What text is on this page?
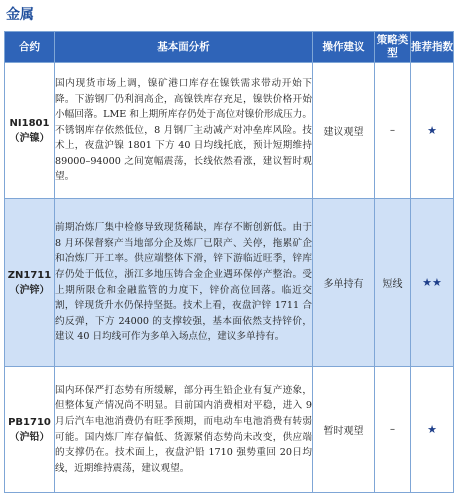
金属
合约	基本面分析	操作建议	策略类型	推荐指数

NI1801
（沪镍）	国内现货市场上调，镍矿港口库存在镍铁需求带动开始下降。下游钢厂仍利润高企，高镍铁库存充足，镍铁价格开始小幅回落。LME 和上期所库存仍处于高位对镍价形成压力。不锈钢库存依然低位，8 月钢厂主动减产对冲垒库风险。技术上，夜盘沪镍 1801 下方 40 日均线托底，预计短期维持89000–94000 之间宽幅震荡，长线依然看涨，建议暂时观望。	建议观望	–	★

ZN1711
（沪锌）	前期冶炼厂集中检修导致现货稀缺，库存不断创新低。由于 8 月环保督察产当地部分企及炼厂已限产、关停，拖累矿企和冶炼厂开工率。供应端整体下滑，锌下游临近旺季，锌库存仍处于低位，浙江多地压铸合金企业遇环保停产整治。受上期所限仓和金融监管的力度下，锌价高位回落。临近交割，锌现货升水仍保持坚挺。技术上看，夜盘沪锌 1711 合约反弹，下方 24000 的支撑较强，基本面依然支持锌价，建议 40 日均线可作为多单入场点位，建议多单持有。	多单持有	短线	★★

PB1710
（沪铅）	国内环保严打态势有所缓解，部分再生铅企业有复产迹象，但整体复产情况尚不明显。目前国内消费相对平稳，进入 9 月后汽车电池消费仍有旺季预期，而电动车电池消费有转弱可能。国内炼厂库存偏低、货源紧俏态势尚未改变，供应端的支撑仍在。技术面上，夜盘沪铅 1710 强势重回 20日均线，近期维持震荡，建议观望。	暂时观望	–	★
